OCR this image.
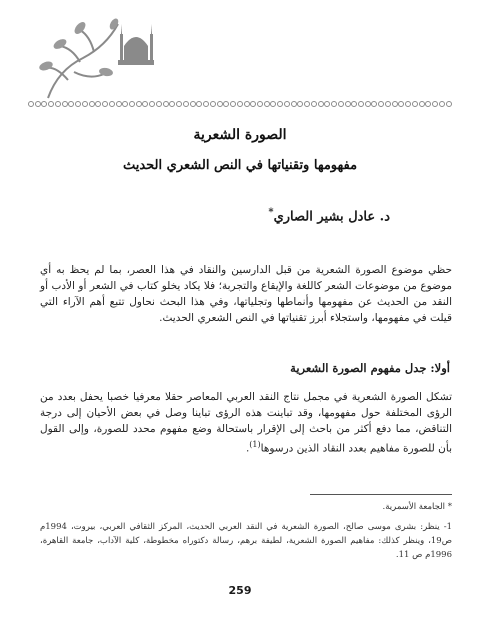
الصورة الشعرية
مفهومها وتقنياتها في النص الشعري الحديث
د. عادل بشير الصاري*
حظي موضوع الصورة الشعرية من قبل الدارسين والنقاد في هذا العصر، بما لم يحظ به أي موضوع من موضوعات الشعر كاللغة والإيقاع والتجربة؛ فلا يكاد يخلو كتاب في الشعر أو الأدب أو النقد من الحديث عن مفهومها وأنماطها وتجلياتها، وفي هذا البحث نحاول تتبع أهم الآراء التي قيلت في مفهومها، واستجلاء أبرز تقنياتها في النص الشعري الحديث.
أولا: جدل مفهوم الصورة الشعرية
تشكل الصورة الشعرية في مجمل نتاج النقد العربي المعاصر حقلا معرفيا خصبا يحفل بعدد من الرؤى المختلفة حول مفهومها، وقد تباينت هذه الرؤى تباينا وصل في بعض الأحيان إلى درجة التناقض، مما دفع أكثر من باحث إلى الإقرار باستحالة وضع مفهوم محدد للصورة، وإلى القول بأن للصورة مفاهيم بعدد النقاد الذين درسوها$^{(1)}$.
* الجامعة الأسمرية.
1- ينظر: بشرى موسى صالح، الصورة الشعرية في النقد العربي الحديث، المركز الثقافي العربي، بيروت، 1994م ص19، وينظر كذلك: مفاهيم الصورة الشعرية، لطيفة برهم، رسالة دكتوراه مخطوطة، كلية الآداب، جامعة القاهرة، 1996م ص 11.
259
